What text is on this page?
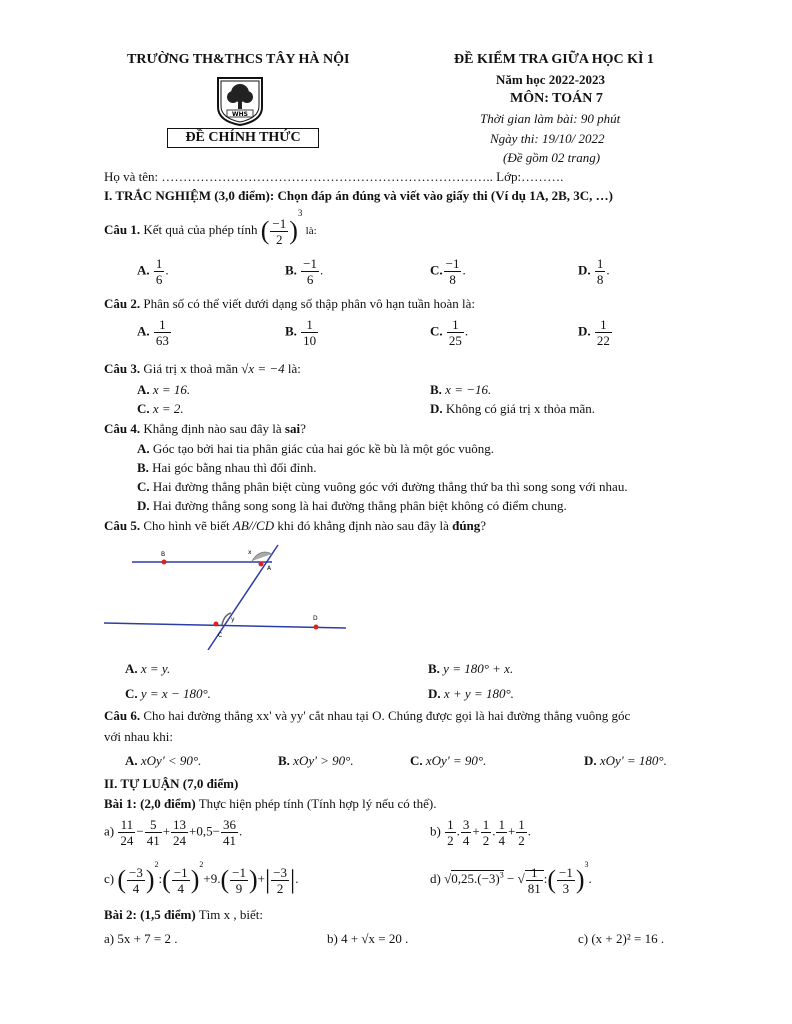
TRƯỜNG TH&THCS TÂY HÀ NỘI
WHS
ĐỀ CHÍNH THỨC
ĐỀ KIỂM TRA GIỮA HỌC KÌ 1
Năm học 2022-2023
MÔN: TOÁN 7
Thời gian làm bài: 90 phút
Ngày thi: 19/10/ 2022
(Đề gồm 02 trang)
Họ và tên: ………………………………………………………………….. Lớp:……….
I. TRẮC NGHIỆM (3,0 điểm): Chọn đáp án đúng và viết vào giấy thi (Ví dụ 1A, 2B, 3C, …)
Câu 1. Kết quả của phép tính ( $\frac{-1}{2} )^3$ là:
A. $\frac{1}{6}$ .	B. $\frac{-1}{6}$ .	C. $\frac{-1}{8}$ .	D. $\frac{1}{8}$ .
Câu 2. Phân số có thể viết dưới dạng số thập phân vô hạn tuần hoàn là:
A. $\frac{1}{63}$	B. $\frac{1}{10}$	C. $\frac{1}{25}$ .	D. $\frac{1}{22}$
Câu 3. Giá trị x thoả mãn √x = −4 là:
A. x = 16.	B. x = −16.
C. x = 2.	D. Không có giá trị x thỏa mãn.
Câu 4. Khẳng định nào sau đây là sai?
A. Góc tạo bởi hai tia phân giác của hai góc kề bù là một góc vuông.
B. Hai góc bằng nhau thì đối đỉnh.
C. Hai đường thẳng phân biệt cùng vuông góc với đường thẳng thứ ba thì song song với nhau.
D. Hai đường thẳng song song là hai đường thẳng phân biệt không có điểm chung.
Câu 5. Cho hình vẽ biết AB//CD khi đó khẳng định nào sau đây là đúng?
B
A
C
D
x
y
A. x = y.	B. y = 180° + x.
C. y = x − 180°.	D. x + y = 180°.
Câu 6. Cho hai đường thẳng xx' và yy' cắt nhau tại O. Chúng được gọi là hai đường thẳng vuông góc
với nhau khi:
A. xOy' < 90°.	B. xOy' > 90°.	C. xOy' = 90°.	D. xOy' = 180°.
II. TỰ LUẬN (7,0 điểm)
Bài 1: (2,0 điểm) Thực hiện phép tính (Tính hợp lý nếu có thể).
$a) \frac{11}{24} - \frac{5}{41} + \frac{13}{24} +0,5- \frac{36}{41}$ .	$b) \frac{1}{2}$ . $\frac{3}{4} + \frac{1}{2}$ . $\frac{1}{4} + \frac{1}{2}$ .
c) ( $\frac{-3}{4}$ )$^2$:( $\frac{-1}{4} )^2+9.( \frac{-1}{9}$ )+| $\frac{-3}{2}$ |.	d) $√0,25.(-3)^3$ − √ $\frac{1}{81}$ :( $\frac{-1}{3} )^3$.
Bài 2: (1,5 điểm) Tìm x , biết:
a) 5x + 7 = 2 .	b) 4 + √x = 20 .	c) (x + 2)² = 16 .
